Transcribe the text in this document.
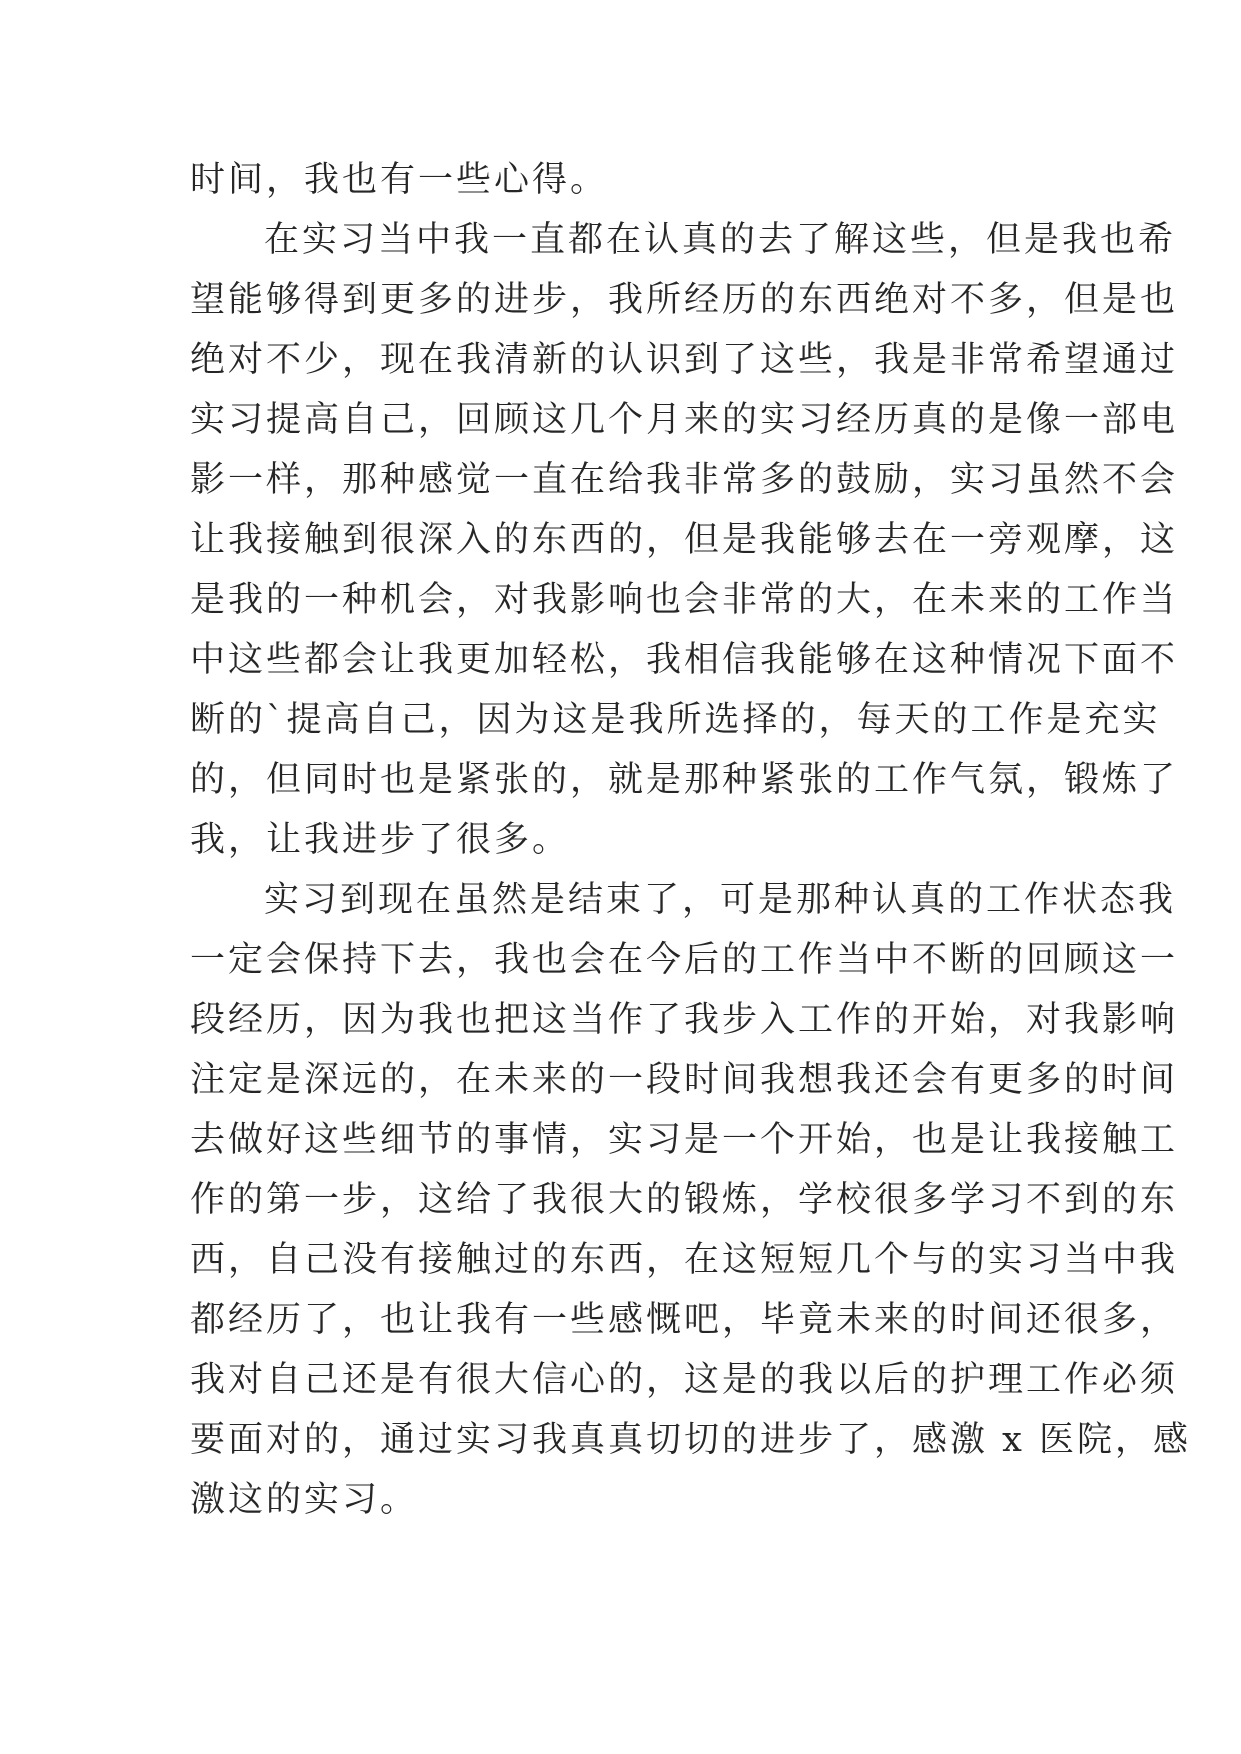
时间，我也有一些心得。
在实习当中我一直都在认真的去了解这些，但是我也希
望能够得到更多的进步，我所经历的东西绝对不多，但是也
绝对不少，现在我清新的认识到了这些，我是非常希望通过
实习提高自己，回顾这几个月来的实习经历真的是像一部电
影一样，那种感觉一直在给我非常多的鼓励，实习虽然不会
让我接触到很深入的东西的，但是我能够去在一旁观摩，这
是我的一种机会，对我影响也会非常的大，在未来的工作当
中这些都会让我更加轻松，我相信我能够在这种情况下面不
断的`提高自己，因为这是我所选择的，每天的工作是充实
的，但同时也是紧张的，就是那种紧张的工作气氛，锻炼了
我，让我进步了很多。
实习到现在虽然是结束了，可是那种认真的工作状态我
一定会保持下去，我也会在今后的工作当中不断的回顾这一
段经历，因为我也把这当作了我步入工作的开始，对我影响
注定是深远的，在未来的一段时间我想我还会有更多的时间
去做好这些细节的事情，实习是一个开始，也是让我接触工
作的第一步，这给了我很大的锻炼，学校很多学习不到的东
西，自己没有接触过的东西，在这短短几个与的实习当中我
都经历了，也让我有一些感慨吧，毕竟未来的时间还很多，
我对自己还是有很大信心的，这是的我以后的护理工作必须
要面对的，通过实习我真真切切的进步了，感激 x 医院，感
激这的实习。
